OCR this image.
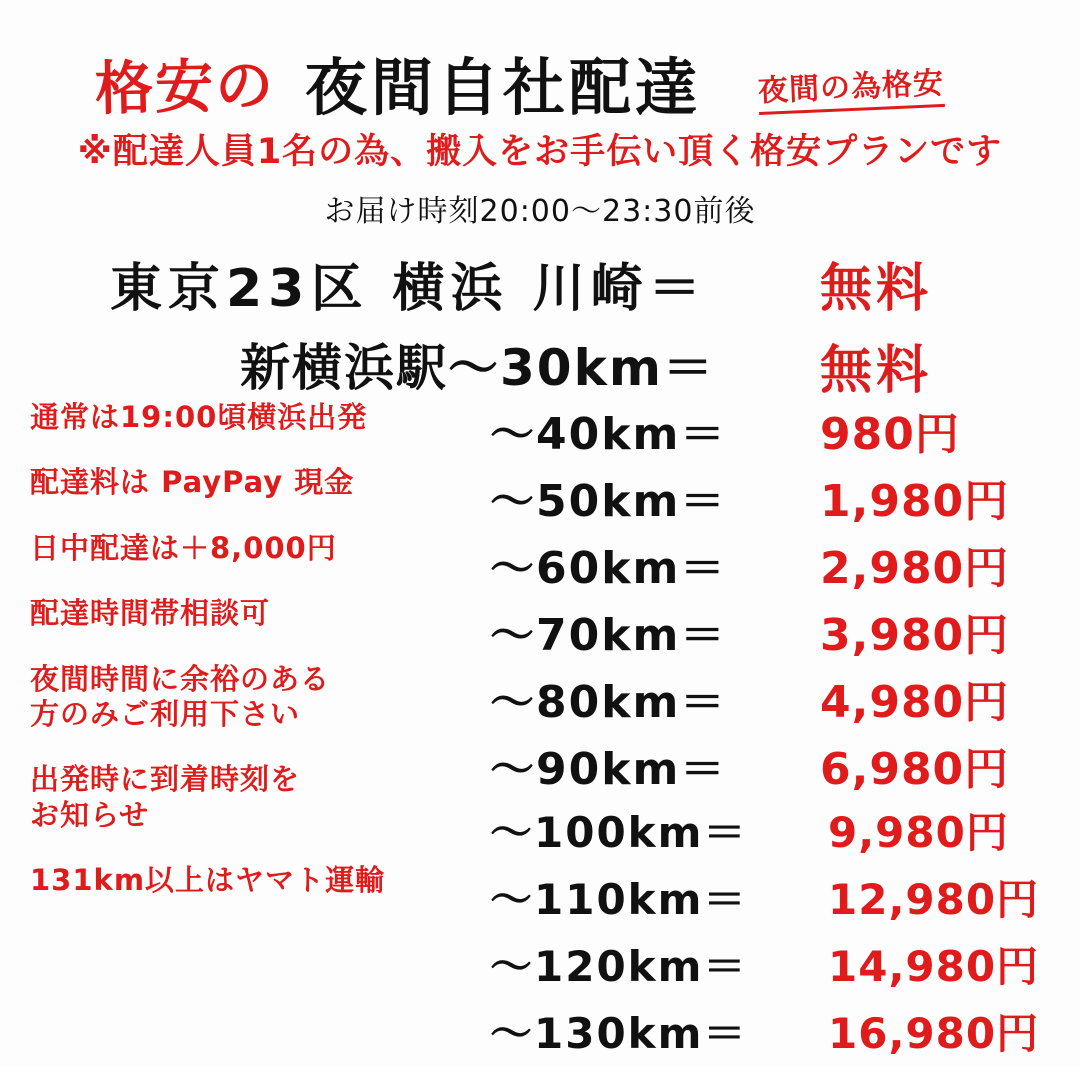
格安の 夜間自社配達 夜間の為格安
※配達人員1名の為、搬入をお手伝い頂く格安プランです
お届け時刻20:00〜23:30前後
東京23区 横浜 川崎＝ 無料
新横浜駅〜30km＝ 無料
通常は19:00頃横浜出発
配達料は PayPay 現金
日中配達は＋8,000円
配達時間帯相談可
夜間時間に余裕のある
方のみご利用下さい
出発時に到着時刻を
お知らせ
131km以上はヤマト運輸
〜40km＝ 980円
〜50km＝ 1,980円
〜60km＝ 2,980円
〜70km＝ 3,980円
〜80km＝ 4,980円
〜90km＝ 6,980円
〜100km＝ 9,980円
〜110km＝ 12,980円
〜120km＝ 14,980円
〜130km＝ 16,980円
